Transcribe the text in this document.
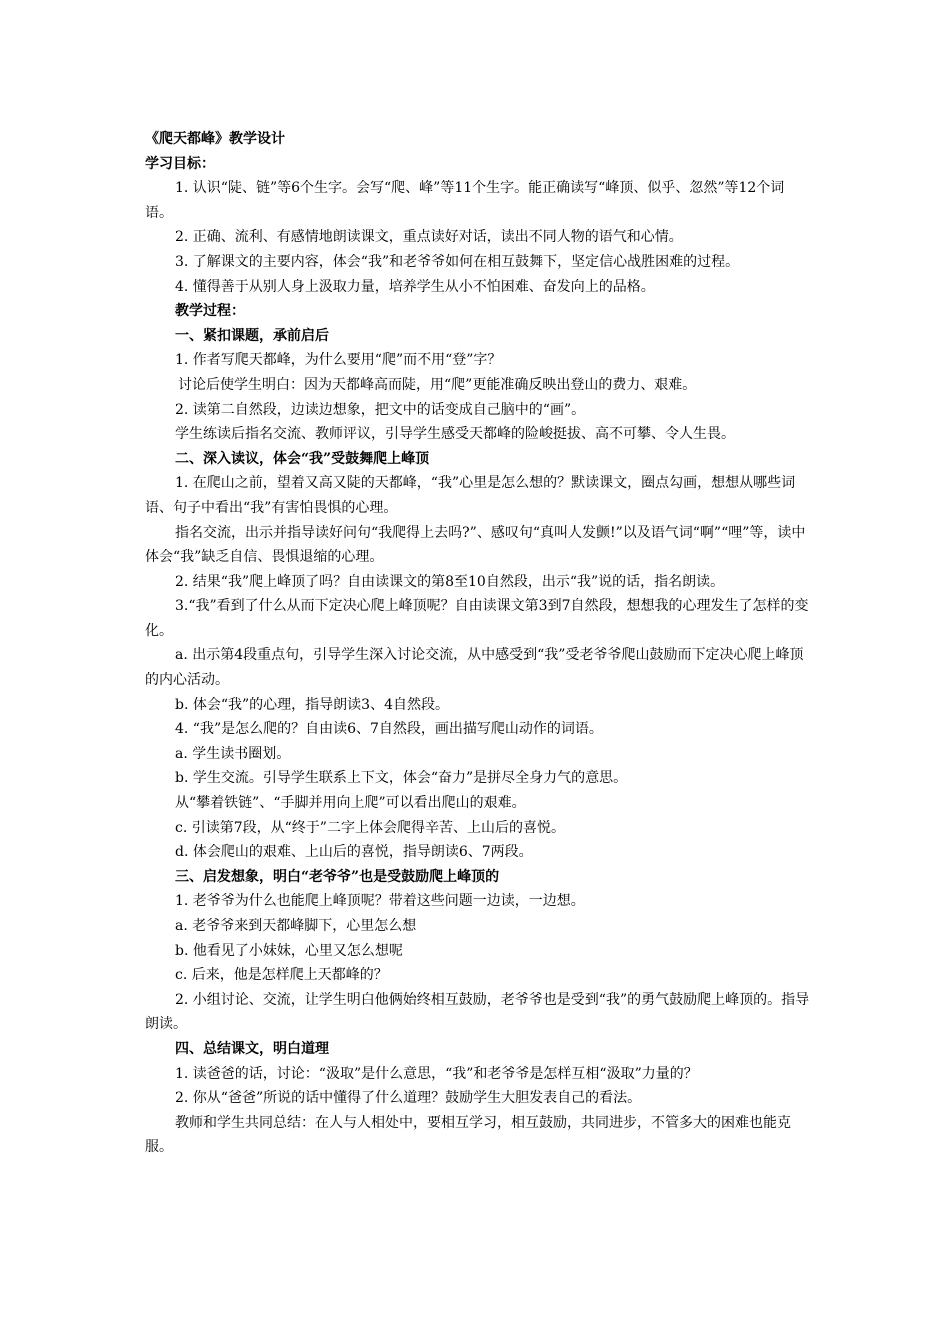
《爬天都峰》教学设计

学习目标：

1. 认识“陡、链”等6个生字。会写“爬、峰”等11个生字。能正确读写“峰顶、似乎、忽然”等12个词语。

2. 正确、流利、有感情地朗读课文，重点读好对话，读出不同人物的语气和心情。

3. 了解课文的主要内容，体会“我”和老爷爷如何在相互鼓舞下，坚定信心战胜困难的过程。

4. 懂得善于从别人身上汲取力量，培养学生从小不怕困难、奋发向上的品格。

教学过程：

一、紧扣课题，承前启后

1. 作者写爬天都峰，为什么要用“爬”而不用“登”字？

讨论后使学生明白：因为天都峰高而陡，用“爬”更能准确反映出登山的费力、艰难。

2. 读第二自然段，边读边想象，把文中的话变成自己脑中的“画”。

学生练读后指名交流、教师评议，引导学生感受天都峰的险峻挺拔、高不可攀、令人生畏。

二、深入读议，体会“我”受鼓舞爬上峰顶

1. 在爬山之前，望着又高又陡的天都峰，“我”心里是怎么想的？默读课文，圈点勾画，想想从哪些词语、句子中看出“我”有害怕畏惧的心理。

指名交流，出示并指导读好问句“我爬得上去吗?”、感叹句“真叫人发颤!”以及语气词“啊”“哩”等，读中体会“我”缺乏自信、畏惧退缩的心理。

2. 结果“我”爬上峰顶了吗？自由读课文的第8至10自然段，出示“我”说的话，指名朗读。

3.“我”看到了什么从而下定决心爬上峰顶呢？自由读课文第3到7自然段，想想我的心理发生了怎样的变化。

a. 出示第4段重点句，引导学生深入讨论交流，从中感受到“我”受老爷爷爬山鼓励而下定决心爬上峰顶的内心活动。

b. 体会“我”的心理，指导朗读3、4自然段。

4. “我”是怎么爬的？自由读6、7自然段，画出描写爬山动作的词语。

a. 学生读书圈划。

b. 学生交流。引导学生联系上下文，体会“奋力”是拼尽全身力气的意思。

从“攀着铁链”、“手脚并用向上爬”可以看出爬山的艰难。

c. 引读第7段，从“终于”二字上体会爬得辛苦、上山后的喜悦。

d. 体会爬山的艰难、上山后的喜悦，指导朗读6、7两段。

三、启发想象，明白“老爷爷”也是受鼓励爬上峰顶的

1. 老爷爷为什么也能爬上峰顶呢？带着这些问题一边读，一边想。

a. 老爷爷来到天都峰脚下，心里怎么想

b. 他看见了小妹妹，心里又怎么想呢

c. 后来，他是怎样爬上天都峰的？

2. 小组讨论、交流，让学生明白他俩始终相互鼓励，老爷爷也是受到“我”的勇气鼓励爬上峰顶的。指导朗读。

四、总结课文，明白道理

1. 读爸爸的话，讨论：“汲取”是什么意思，“我”和老爷爷是怎样互相“汲取”力量的？

2. 你从“爸爸”所说的话中懂得了什么道理？鼓励学生大胆发表自己的看法。

教师和学生共同总结：在人与人相处中，要相互学习，相互鼓励，共同进步，不管多大的困难也能克服。
